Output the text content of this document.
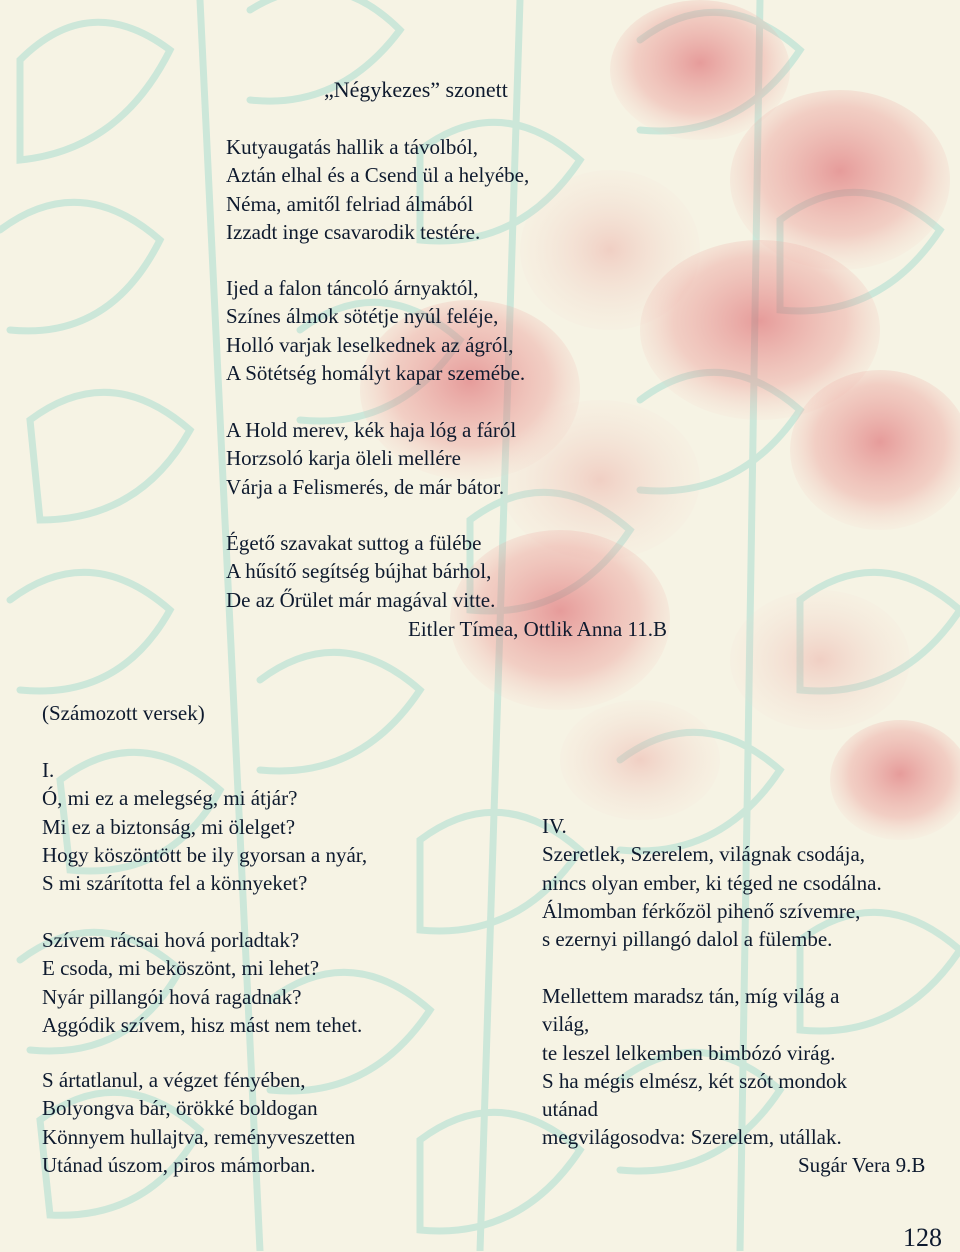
„Négykezes” szonett
Kutyaugatás hallik a távolból,
Aztán elhal és a Csend ül a helyébe,
Néma, amitől felriad álmából
Izzadt inge csavarodik testére.
Ijed a falon táncoló árnyaktól,
Színes álmok sötétje nyúl feléje,
Holló varjak leselkednek az ágról,
A Sötétség homályt kapar szemébe.
A Hold merev, kék haja lóg a fáról
Horzsoló karja öleli mellére
Várja a Felismerés, de már bátor.
Égető szavakat suttog a fülébe
A hűsítő segítség bújhat bárhol,
De az Őrület már magával vitte.
Eitler Tímea, Ottlik Anna 11.B
(Számozott versek)
I.
Ó, mi ez a melegség, mi átjár?
Mi ez a biztonság, mi ölelget?
Hogy köszöntött be ily gyorsan a nyár,
S mi szárította fel a könnyeket?
Szívem rácsai hová porladtak?
E csoda, mi beköszönt, mi lehet?
Nyár pillangói hová ragadnak?
Aggódik szívem, hisz mást nem tehet.
S ártatlanul, a végzet fényében,
Bolyongva bár, örökké boldogan
Könnyem hullajtva, reményveszetten
Utánad úszom, piros mámorban.
IV.
Szeretlek, Szerelem, világnak csodája,
nincs olyan ember, ki téged ne csodálna.
Álmomban férkőzöl pihenő szívemre,
s ezernyi pillangó dalol a fülembe.
Mellettem maradsz tán, míg világ a
világ,
te leszel lelkemben bimbózó virág.
S ha mégis elmész, két szót mondok
utánad
megvilágosodva: Szerelem, utállak.
Sugár Vera 9.B
128
